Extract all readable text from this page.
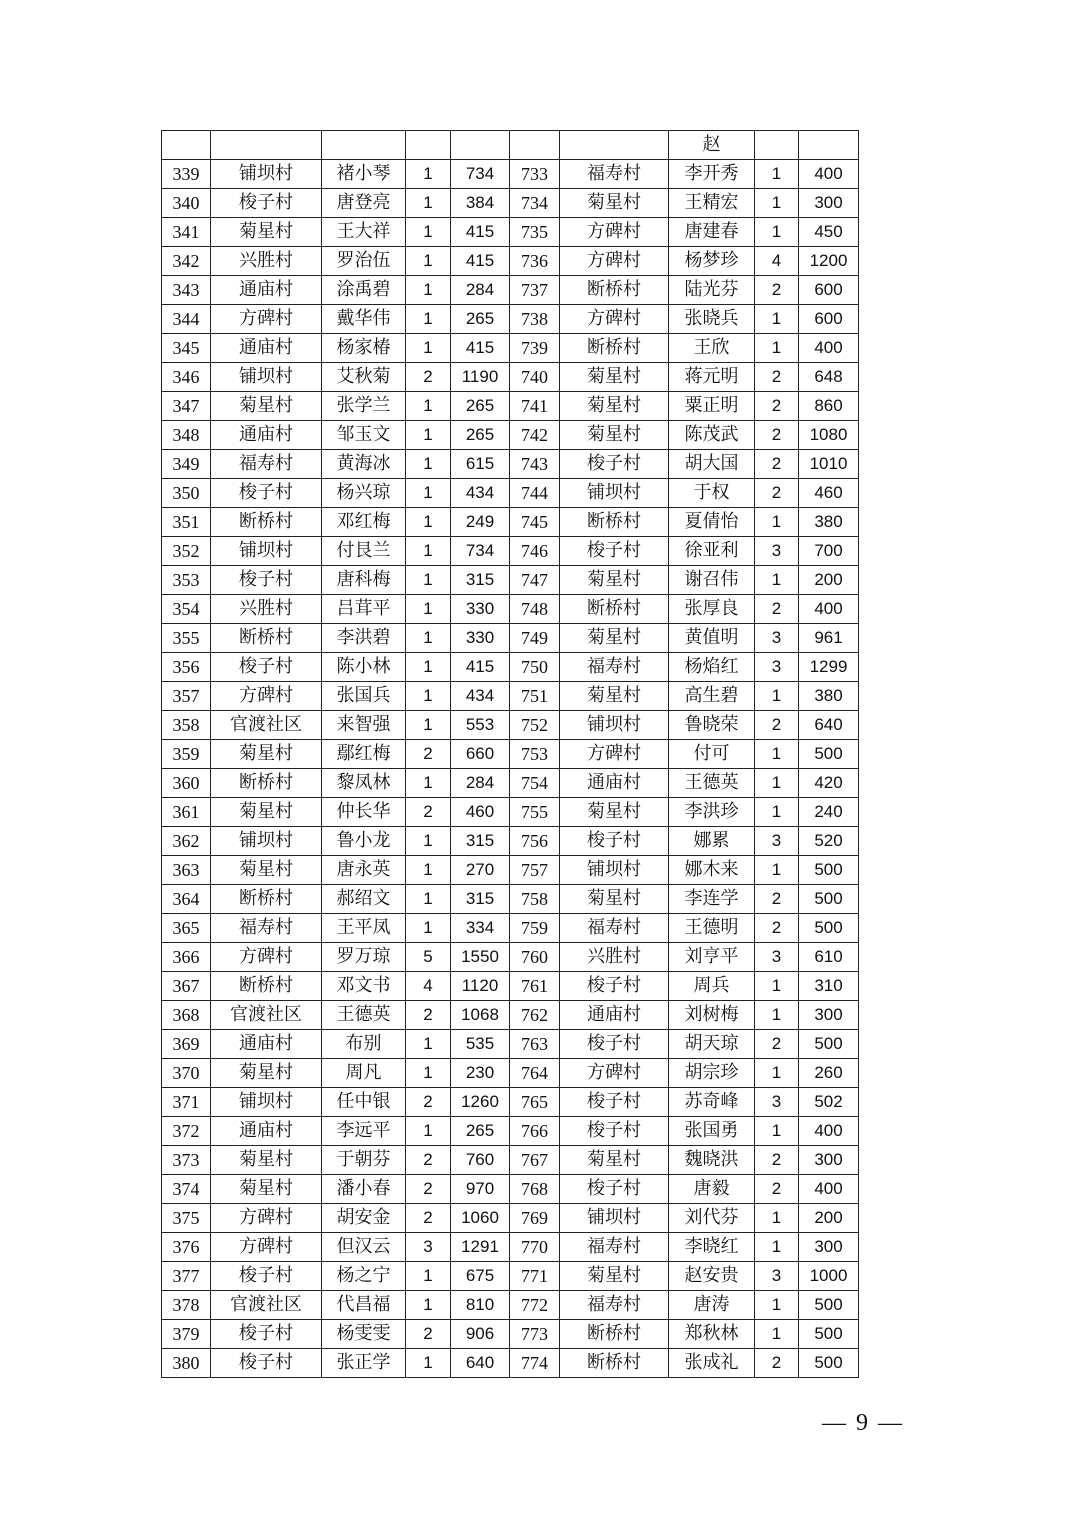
							赵		
339	铺坝村	褚小琴	1	734	733	福寿村	李开秀	1	400
340	梭子村	唐登亮	1	384	734	菊星村	王精宏	1	300
341	菊星村	王大祥	1	415	735	方碑村	唐建春	1	450
342	兴胜村	罗治伍	1	415	736	方碑村	杨梦珍	4	1200
343	通庙村	涂禹碧	1	284	737	断桥村	陆光芬	2	600
344	方碑村	戴华伟	1	265	738	方碑村	张晓兵	1	600
345	通庙村	杨家椿	1	415	739	断桥村	王欣	1	400
346	铺坝村	艾秋菊	2	1190	740	菊星村	蒋元明	2	648
347	菊星村	张学兰	1	265	741	菊星村	粟正明	2	860
348	通庙村	邹玉文	1	265	742	菊星村	陈茂武	2	1080
349	福寿村	黄海冰	1	615	743	梭子村	胡大国	2	1010
350	梭子村	杨兴琼	1	434	744	铺坝村	于权	2	460
351	断桥村	邓红梅	1	249	745	断桥村	夏倩怡	1	380
352	铺坝村	付艮兰	1	734	746	梭子村	徐亚利	3	700
353	梭子村	唐科梅	1	315	747	菊星村	谢召伟	1	200
354	兴胜村	吕茸平	1	330	748	断桥村	张厚良	2	400
355	断桥村	李洪碧	1	330	749	菊星村	黄值明	3	961
356	梭子村	陈小林	1	415	750	福寿村	杨焰红	3	1299
357	方碑村	张国兵	1	434	751	菊星村	高生碧	1	380
358	官渡社区	来智强	1	553	752	铺坝村	鲁晓荣	2	640
359	菊星村	鄢红梅	2	660	753	方碑村	付可	1	500
360	断桥村	黎凤林	1	284	754	通庙村	王德英	1	420
361	菊星村	仲长华	2	460	755	菊星村	李洪珍	1	240
362	铺坝村	鲁小龙	1	315	756	梭子村	娜累	3	520
363	菊星村	唐永英	1	270	757	铺坝村	娜木来	1	500
364	断桥村	郝绍文	1	315	758	菊星村	李连学	2	500
365	福寿村	王平凤	1	334	759	福寿村	王德明	2	500
366	方碑村	罗万琼	5	1550	760	兴胜村	刘亨平	3	610
367	断桥村	邓文书	4	1120	761	梭子村	周兵	1	310
368	官渡社区	王德英	2	1068	762	通庙村	刘树梅	1	300
369	通庙村	布别	1	535	763	梭子村	胡天琼	2	500
370	菊星村	周凡	1	230	764	方碑村	胡宗珍	1	260
371	铺坝村	任中银	2	1260	765	梭子村	苏奇峰	3	502
372	通庙村	李远平	1	265	766	梭子村	张国勇	1	400
373	菊星村	于朝芬	2	760	767	菊星村	魏晓洪	2	300
374	菊星村	潘小春	2	970	768	梭子村	唐毅	2	400
375	方碑村	胡安金	2	1060	769	铺坝村	刘代芬	1	200
376	方碑村	但汉云	3	1291	770	福寿村	李晓红	1	300
377	梭子村	杨之宁	1	675	771	菊星村	赵安贵	3	1000
378	官渡社区	代昌福	1	810	772	福寿村	唐涛	1	500
379	梭子村	杨雯雯	2	906	773	断桥村	郑秋林	1	500
380	梭子村	张正学	1	640	774	断桥村	张成礼	2	500
— 9 —
